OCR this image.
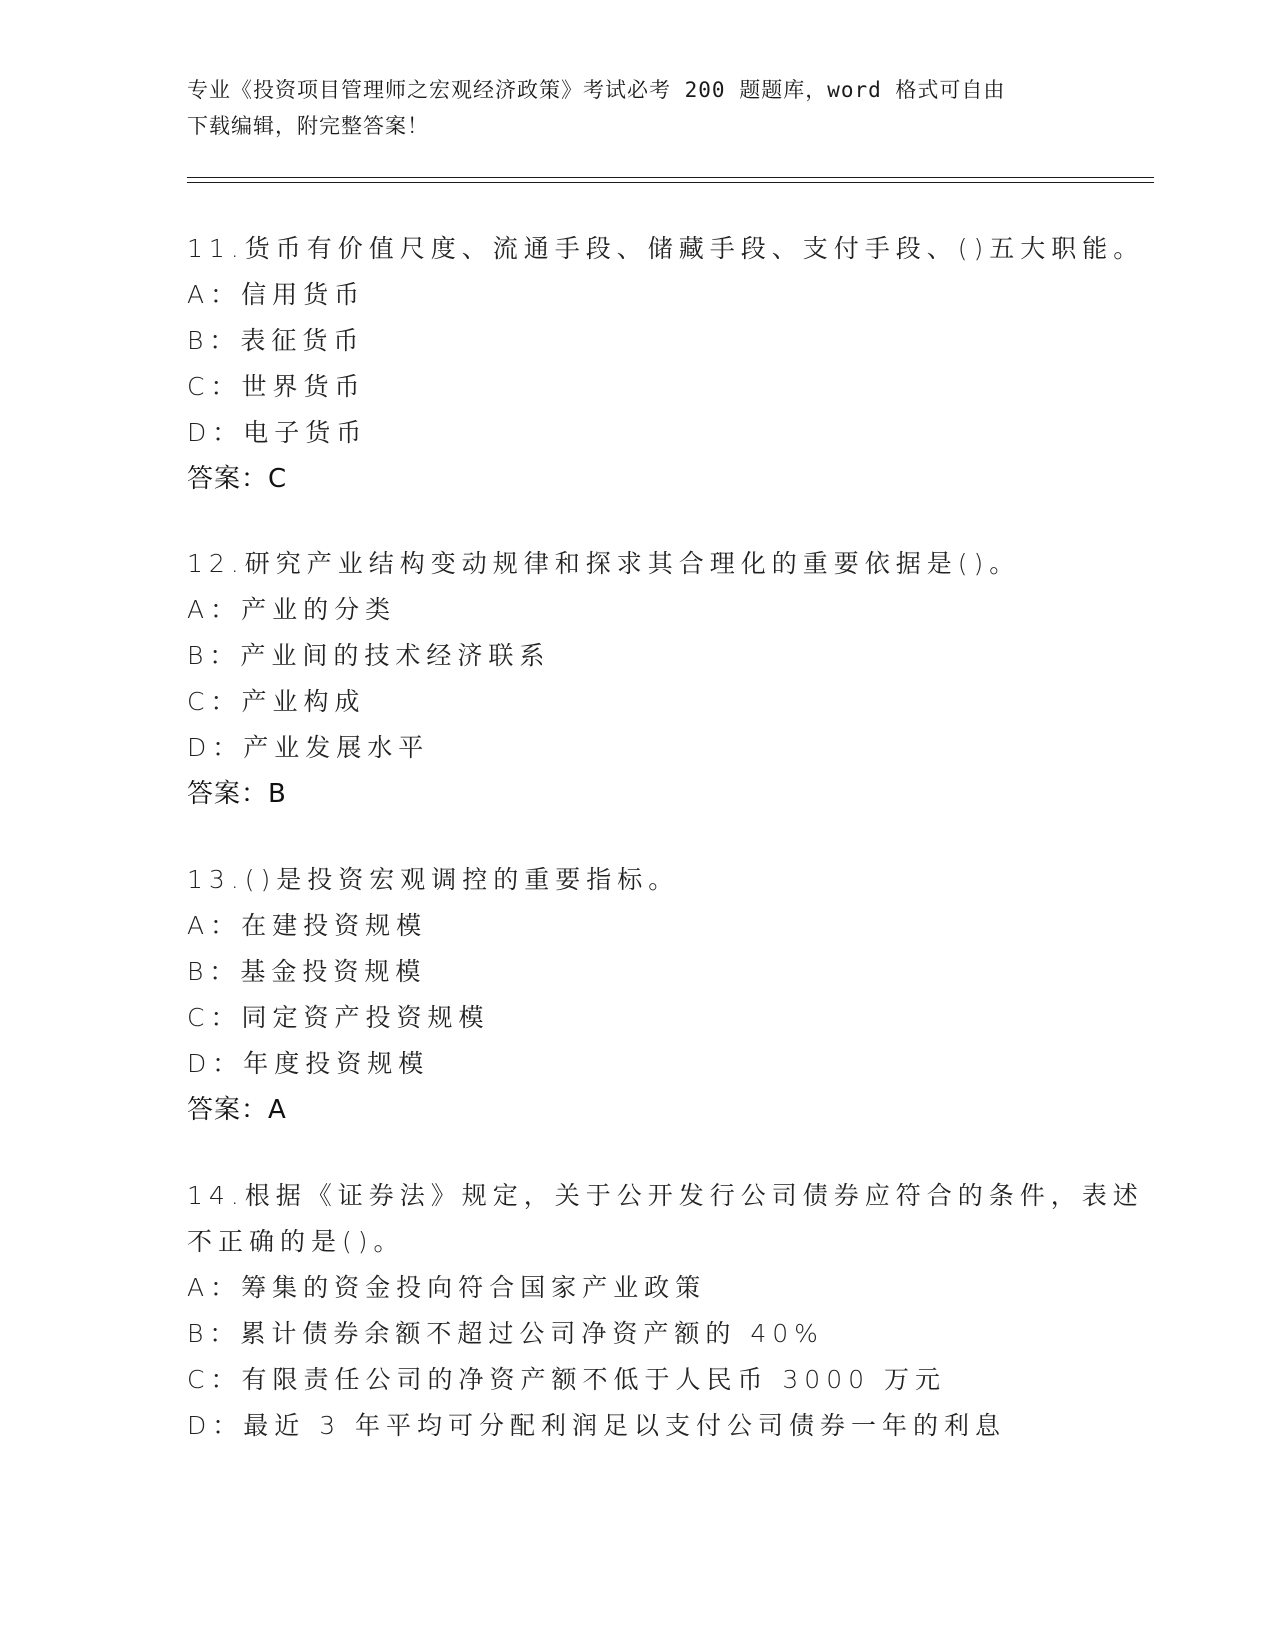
专业《投资项目管理师之宏观经济政策》考试必考 200 题题库，word 格式可自由
下载编辑，附完整答案！
11.货币有价值尺度、流通手段、储藏手段、支付手段、()五大职能。
A：信用货币
B：表征货币
C：世界货币
D：电子货币
答案：C
12.研究产业结构变动规律和探求其合理化的重要依据是()。
A：产业的分类
B：产业间的技术经济联系
C：产业构成
D：产业发展水平
答案：B
13.()是投资宏观调控的重要指标。
A：在建投资规模
B：基金投资规模
C：同定资产投资规模
D：年度投资规模
答案：A
14.根据《证券法》规定，关于公开发行公司债券应符合的条件，表述
不正确的是()。
A：筹集的资金投向符合国家产业政策
B：累计债券余额不超过公司净资产额的 40%
C：有限责任公司的净资产额不低于人民币 3000 万元
D：最近 3 年平均可分配利润足以支付公司债券一年的利息
